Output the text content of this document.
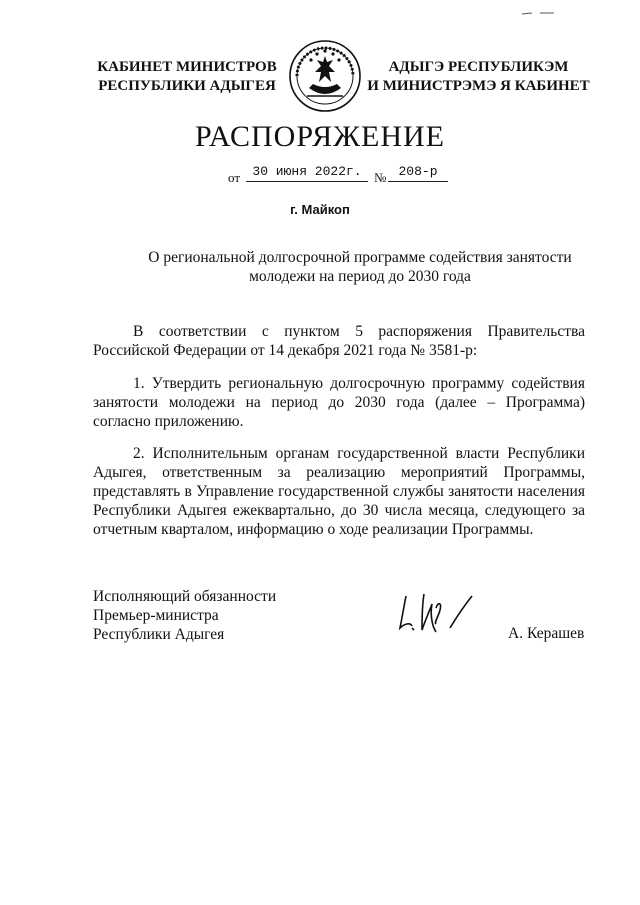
КАБИНЕТ МИНИСТРОВ
РЕСПУБЛИКИ АДЫГЕЯ
АДЫГЭ РЕСПУБЛИКЭМ
И МИНИСТРЭМЭ Я КАБИНЕТ
РАСПОРЯЖЕНИЕ
от 30 июня 2022г. № 208-р
г. Майкоп
О региональной долгосрочной программе содействия занятости
молодежи на период до 2030 года
В соответствии с пунктом 5 распоряжения Правительства Российской Федерации от 14 декабря 2021 года № 3581-р:
1. Утвердить региональную долгосрочную программу содействия занятости молодежи на период до 2030 года (далее – Программа) согласно приложению.
2. Исполнительным органам государственной власти Республики Адыгея, ответственным за реализацию мероприятий Программы, представлять в Управление государственной службы занятости населения Республики Адыгея ежеквартально, до 30 числа месяца, следующего за отчетным кварталом, информацию о ходе реализации Программы.
Исполняющий обязанности
Премьер-министра
Республики Адыгея	А. Керашев
